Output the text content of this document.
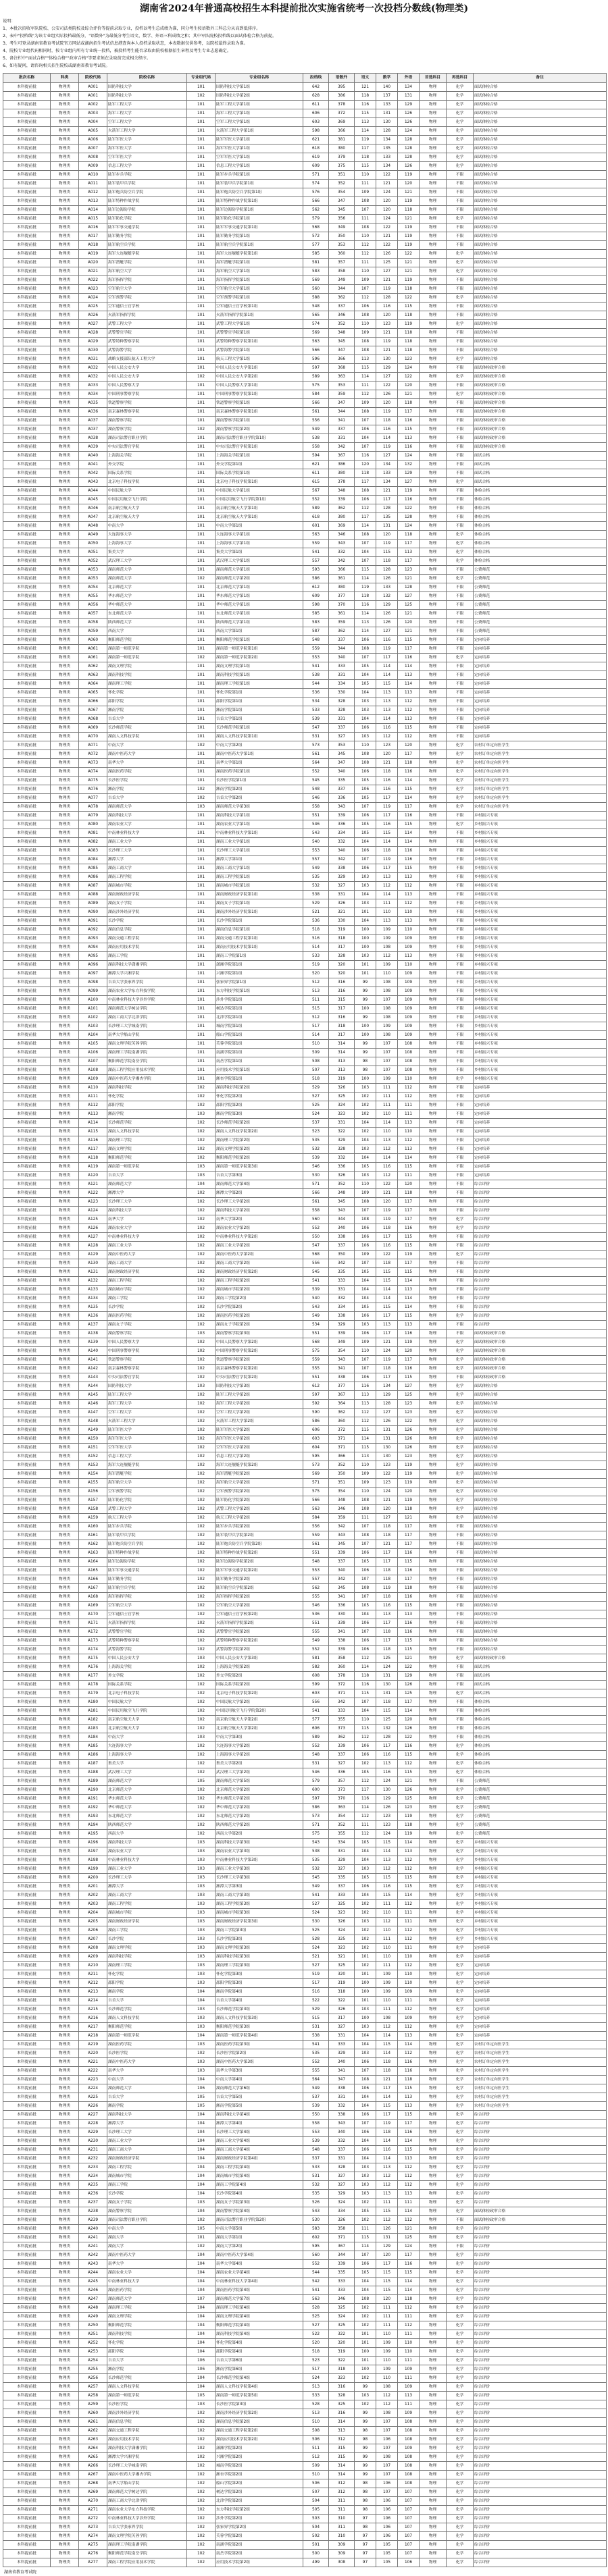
湖南省2024年普通高校招生本科提前批次实施省统考一次投档分数线(物理类)
说明：
1、本批次招收军队院校、公安司法类院校及综合评价等提前录取专业，投档以考生总成绩为准，同分考生按语数外三科总分从高到低排序。
2、表中"投档线"为该专业组实际投档最低分，"语数外"为最低分考生语文、数学、外语三科成绩之和；其中军队院校投档线以面试体检合格为前提。
3、考生可登录湖南省教育考试院官方网站或湖南招生考试信息港查询本人投档录取状态，本表数据仅供参考，以院校最终录取为准。
4、院校专业组代码相同时，按专业组内所有专业统一投档，被投档考生能否录取由院校根据招生章程及考生专业志愿确定。
5、备注栏中"面试合格""体检合格""政审合格"等要求须在录取前完成相关程序。
6、如有疑问，请咨询相关招生院校或湖南省教育考试院。
批次名称	科类	院校代码	院校名称	专业组代码	专业组名称	投档线	语数外	语文	数学	外语	首选科目	再选科目	备注
本科提前批	物理类	A001	国防科技大学	101	国防科技大学第1组	642	395	121	140	134	物理	化学	面试体检合格
本科提前批	物理类	A001	国防科技大学	102	国防科技大学第2组	628	386	118	137	131	物理	化学	面试体检合格
本科提前批	物理类	A002	陆军工程大学	101	陆军工程大学第1组	611	378	116	133	129	物理	化学	面试体检合格
本科提前批	物理类	A003	海军工程大学	101	海军工程大学第1组	606	372	115	131	126	物理	化学	面试体检合格
本科提前批	物理类	A004	空军工程大学	101	空军工程大学第1组	603	369	113	130	126	物理	化学	面试体检合格
本科提前批	物理类	A005	火箭军工程大学	101	火箭军工程大学第1组	598	366	114	128	124	物理	化学	面试体检合格
本科提前批	物理类	A006	陆军军医大学	101	陆军军医大学第1组	621	381	119	134	128	物理	化学	面试体检合格
本科提前批	物理类	A007	海军军医大学	101	海军军医大学第1组	618	380	117	135	128	物理	化学	面试体检合格
本科提前批	物理类	A008	空军军医大学	101	空军军医大学第1组	619	379	118	133	128	物理	化学	面试体检合格
本科提前批	物理类	A009	信息工程大学	101	信息工程大学第1组	609	375	115	134	126	物理	化学	面试体检合格
本科提前批	物理类	A010	陆军步兵学院	101	陆军步兵学院第1组	571	351	110	122	119	物理	不限	面试体检合格
本科提前批	物理类	A011	陆军装甲兵学院	101	陆军装甲兵学院第1组	574	352	111	121	120	物理	不限	面试体检合格
本科提前批	物理类	A012	陆军炮兵防空兵学院	101	陆军炮兵防空兵学院第1组	576	354	109	124	121	物理	不限	面试体检合格
本科提前批	物理类	A013	陆军特种作战学院	101	陆军特种作战学院第1组	566	347	108	120	119	物理	不限	面试体检合格
本科提前批	物理类	A014	陆军边海防学院	101	陆军边海防学院第1组	562	345	107	120	118	物理	不限	面试体检合格
本科提前批	物理类	A015	陆军防化学院	101	陆军防化学院第1组	579	356	111	124	121	物理	化学	面试体检合格
本科提前批	物理类	A016	陆军军事交通学院	101	陆军军事交通学院第1组	568	349	108	122	119	物理	不限	面试体检合格
本科提前批	物理类	A017	陆军勤务学院	101	陆军勤务学院第1组	572	350	110	121	119	物理	不限	面试体检合格
本科提前批	物理类	A018	陆军航空兵学院	101	陆军航空兵学院第1组	577	353	112	122	119	物理	不限	面试体检合格
本科提前批	物理类	A019	海军大连舰艇学院	101	海军大连舰艇学院第1组	585	360	112	126	122	物理	化学	面试体检合格
本科提前批	物理类	A020	海军潜艇学院	101	海军潜艇学院第1组	581	357	111	125	121	物理	化学	面试体检合格
本科提前批	物理类	A021	海军航空大学	101	海军航空大学第1组	583	358	110	127	121	物理	化学	面试体检合格
本科提前批	物理类	A022	海军指挥学院	101	海军指挥学院第1组	569	349	109	121	119	物理	不限	面试体检合格
本科提前批	物理类	A023	空军航空大学	101	空军航空大学第1组	560	344	107	119	118	物理	不限	面试体检合格
本科提前批	物理类	A024	空军预警学院	101	空军预警学院第1组	588	362	112	128	122	物理	化学	面试体检合格
本科提前批	物理类	A025	空军通信士官学校	101	空军通信士官学校第1组	548	337	106	116	115	物理	不限	面试体检合格
本科提前批	物理类	A026	火箭军指挥学院	101	火箭军指挥学院第1组	565	346	108	120	118	物理	不限	面试体检合格
本科提前批	物理类	A027	武警工程大学	101	武警工程大学第1组	574	352	110	123	119	物理	化学	面试体检合格
本科提前批	物理类	A028	武警警官学院	101	武警警官学院第1组	569	348	109	121	118	物理	不限	面试体检合格
本科提前批	物理类	A029	武警特种警察学院	101	武警特种警察学院第1组	563	345	108	119	118	物理	不限	面试体检合格
本科提前批	物理类	A030	武警海警学院	101	武警海警学院第1组	566	347	108	121	118	物理	不限	面试体检合格
本科提前批	物理类	A031	战略支援部队航天工程大学	101	航天工程大学第1组	596	366	113	130	123	物理	化学	面试体检合格
本科提前批	物理类	A032	中国人民公安大学	101	中国人民公安大学第1组	597	368	115	129	124	物理	不限	面试体检政审合格
本科提前批	物理类	A032	中国人民公安大学	102	中国人民公安大学第2组	589	363	114	127	122	物理	化学	面试体检政审合格
本科提前批	物理类	A033	中国人民警察大学	101	中国人民警察大学第1组	575	353	111	122	120	物理	不限	面试体检政审合格
本科提前批	物理类	A034	中国刑事警察学院	101	中国刑事警察学院第1组	584	359	112	126	121	物理	化学	面试体检政审合格
本科提前批	物理类	A035	铁道警察学院	101	铁道警察学院第1组	566	347	109	120	118	物理	不限	面试体检政审合格
本科提前批	物理类	A036	南京森林警察学院	101	南京森林警察学院第1组	561	344	108	119	117	物理	不限	面试体检政审合格
本科提前批	物理类	A037	湖南警察学院	101	湖南警察学院第1组	556	341	107	118	116	物理	不限	面试体检政审合格
本科提前批	物理类	A037	湖南警察学院	102	湖南警察学院第2组	549	337	106	116	115	物理	不限	面试体检政审合格
本科提前批	物理类	A038	湖南司法警官职业学院	101	湖南司法警官职业学院第1组	538	331	104	114	113	物理	不限	面试体检政审合格
本科提前批	物理类	A039	中央司法警官学院	101	中央司法警官学院第1组	558	342	107	119	116	物理	不限	面试体检政审合格
本科提前批	物理类	A040	上海海关学院	101	上海海关学院第1组	594	367	116	127	124	物理	不限	面试合格
本科提前批	物理类	A041	外交学院	101	外交学院第1组	621	386	120	134	132	物理	不限	面试合格
本科提前批	物理类	A042	国际关系学院	101	国际关系学院第1组	611	380	118	133	129	物理	不限	面试合格
本科提前批	物理类	A043	北京电子科技学院	101	北京电子科技学院第1组	615	378	117	134	127	物理	化学	面试合格
本科提前批	物理类	A044	中国民航大学	101	中国民航大学第1组	567	348	108	121	119	物理	不限	体检合格
本科提前批	物理类	A045	中国民用航空飞行学院	101	中国民用航空飞行学院第1组	552	339	106	117	116	物理	不限	体检合格
本科提前批	物理类	A046	南京航空航天大学	101	南京航空航天大学第1组	589	362	112	128	122	物理	不限	体检合格
本科提前批	物理类	A047	北京航空航天大学	101	北京航空航天大学第1组	618	380	117	135	128	物理	不限	体检合格
本科提前批	物理类	A048	中南大学	101	中南大学第1组	601	369	114	131	124	物理	不限	体检合格
本科提前批	物理类	A049	大连海事大学	101	大连海事大学第1组	563	346	108	120	118	物理	化学	体检合格
本科提前批	物理类	A050	上海海事大学	101	上海海事大学第1组	559	343	107	119	117	物理	化学	体检合格
本科提前批	物理类	A051	集美大学	101	集美大学第1组	541	332	104	115	113	物理	化学	体检合格
本科提前批	物理类	A052	武汉理工大学	101	武汉理工大学第1组	557	342	107	118	117	物理	化学	体检合格
本科提前批	物理类	A053	湖南师范大学	101	湖南师范大学第1组	593	366	115	128	123	物理	不限	公费师范
本科提前批	物理类	A053	湖南师范大学	102	湖南师范大学第2组	586	361	114	126	121	物理	化学	公费师范
本科提前批	物理类	A054	北京师范大学	101	北京师范大学第1组	612	380	119	133	128	物理	不限	公费师范
本科提前批	物理类	A055	华东师范大学	101	华东师范大学第1组	609	377	118	132	127	物理	不限	公费师范
本科提前批	物理类	A056	华中师范大学	101	华中师范大学第1组	598	370	116	129	125	物理	不限	公费师范
本科提前批	物理类	A057	东北师范大学	101	东北师范大学第1组	585	361	114	126	121	物理	不限	公费师范
本科提前批	物理类	A058	陕西师范大学	101	陕西师范大学第1组	583	359	113	126	120	物理	不限	公费师范
本科提前批	物理类	A059	西南大学	101	西南大学第1组	587	362	114	127	121	物理	不限	公费师范
本科提前批	物理类	A060	衡阳师范学院	101	衡阳师范学院第1组	548	337	106	116	115	物理	不限	定向培养
本科提前批	物理类	A061	湖南第一师范学院	101	湖南第一师范学院第1组	559	344	108	119	117	物理	不限	定向培养
本科提前批	物理类	A061	湖南第一师范学院	102	湖南第一师范学院第2组	553	340	107	117	116	物理	化学	定向培养
本科提前批	物理类	A062	湖南文理学院	101	湖南文理学院第1组	541	333	105	114	114	物理	不限	定向培养
本科提前批	物理类	A063	湖南科技学院	101	湖南科技学院第1组	538	331	104	114	113	物理	不限	定向培养
本科提前批	物理类	A064	湖南理工学院	101	湖南理工学院第1组	544	334	105	115	114	物理	不限	定向培养
本科提前批	物理类	A065	怀化学院	101	怀化学院第1组	536	330	104	113	113	物理	不限	定向培养
本科提前批	物理类	A066	邵阳学院	101	邵阳学院第1组	534	328	103	113	112	物理	不限	定向培养
本科提前批	物理类	A067	湘南学院	101	湘南学院第1组	533	328	103	113	112	物理	不限	定向培养
本科提前批	物理类	A068	吉首大学	101	吉首大学第1组	539	331	104	114	113	物理	不限	定向培养
本科提前批	物理类	A069	长沙师范学院	101	长沙师范学院第1组	547	337	106	116	115	物理	不限	定向培养
本科提前批	物理类	A070	湖南人文科技学院	101	湖南人文科技学院第1组	531	327	103	112	112	物理	不限	定向培养
本科提前批	物理类	A071	中南大学	102	中南大学第2组	573	353	110	123	120	物理	化学	农村订单定向医学生
本科提前批	物理类	A072	湖南中医药大学	101	湖南中医药大学第1组	561	345	108	120	117	物理	化学	农村订单定向医学生
本科提前批	物理类	A073	南华大学	101	南华大学第1组	564	347	108	121	118	物理	化学	农村订单定向医学生
本科提前批	物理类	A074	湖南医药学院	101	湖南医药学院第1组	552	340	106	118	116	物理	化学	农村订单定向医学生
本科提前批	物理类	A075	长沙医学院	101	长沙医学院第1组	545	335	105	116	114	物理	化学	农村订单定向医学生
本科提前批	物理类	A076	湘南学院	102	湘南学院第2组	548	337	106	116	115	物理	化学	农村订单定向医学生
本科提前批	物理类	A077	吉首大学	102	吉首大学第2组	546	336	105	117	114	物理	化学	农村订单定向医学生
本科提前批	物理类	A078	湖南师范大学	103	湖南师范大学第3组	558	343	107	119	117	物理	化学	农村订单定向医学生
本科提前批	物理类	A079	湖南科技大学	101	湖南科技大学第1组	551	339	106	117	116	物理	不限	乡村振兴专项
本科提前批	物理类	A080	湖南农业大学	101	湖南农业大学第1组	546	336	105	116	115	物理	化学	乡村振兴专项
本科提前批	物理类	A081	中南林业科技大学	101	中南林业科技大学第1组	543	334	105	115	114	物理	不限	乡村振兴专项
本科提前批	物理类	A082	湖南工业大学	101	湖南工业大学第1组	540	332	104	114	114	物理	不限	乡村振兴专项
本科提前批	物理类	A083	长沙理工大学	101	长沙理工大学第1组	553	340	106	118	116	物理	不限	乡村振兴专项
本科提前批	物理类	A084	湘潭大学	101	湘潭大学第1组	557	342	107	119	116	物理	不限	乡村振兴专项
本科提前批	物理类	A085	湖南工商大学	101	湖南工商大学第1组	549	338	106	117	115	物理	不限	乡村振兴专项
本科提前批	物理类	A086	湖南工程学院	101	湖南工程学院第1组	535	329	103	113	113	物理	不限	乡村振兴专项
本科提前批	物理类	A087	湖南城市学院	101	湖南城市学院第1组	532	327	103	112	112	物理	不限	乡村振兴专项
本科提前批	物理类	A088	湖南财政经济学院	101	湖南财政经济学院第1组	538	331	104	114	113	物理	不限	乡村振兴专项
本科提前批	物理类	A089	湖南女子学院	101	湖南女子学院第1组	529	326	103	111	112	物理	不限	乡村振兴专项
本科提前批	物理类	A090	湖南涉外经济学院	101	湖南涉外经济学院第1组	521	321	101	110	110	物理	不限	乡村振兴专项
本科提前批	物理类	A091	长沙学院	101	长沙学院第1组	536	330	104	113	113	物理	不限	乡村振兴专项
本科提前批	物理类	A092	湖南信息学院	101	湖南信息学院第1组	518	319	100	109	110	物理	不限	乡村振兴专项
本科提前批	物理类	A093	湖南交通工程学院	101	湖南交通工程学院第1组	516	318	100	109	109	物理	不限	乡村振兴专项
本科提前批	物理类	A094	湖南应用技术学院	101	湖南应用技术学院第1组	514	317	100	108	109	物理	不限	乡村振兴专项
本科提前批	物理类	A095	湖南工学院	101	湖南工学院第1组	533	328	103	112	113	物理	不限	乡村振兴专项
本科提前批	物理类	A096	湖南科技大学潇湘学院	101	潇湘学院第1组	519	320	101	109	110	物理	不限	乡村振兴专项
本科提前批	物理类	A097	湘潭大学兴湘学院	101	兴湘学院第1组	520	320	101	110	109	物理	不限	乡村振兴专项
本科提前批	物理类	A098	吉首大学张家界学院	101	张家界学院第1组	512	316	99	108	109	物理	不限	乡村振兴专项
本科提前批	物理类	A099	湖南农业大学东方科技学院	101	东方科技学院第1组	513	316	99	108	109	物理	不限	乡村振兴专项
本科提前批	物理类	A100	中南林业科技大学涉外学院	101	涉外学院第1组	511	315	99	107	109	物理	不限	乡村振兴专项
本科提前批	物理类	A101	湖南师范大学树达学院	101	树达学院第1组	515	317	100	108	109	物理	不限	乡村振兴专项
本科提前批	物理类	A102	湖南工商大学北津学院	101	北津学院第1组	512	316	99	108	109	物理	不限	乡村振兴专项
本科提前批	物理类	A103	长沙理工大学城南学院	101	城南学院第1组	517	318	100	109	109	物理	不限	乡村振兴专项
本科提前批	物理类	A104	南华大学船山学院	101	船山学院第1组	514	317	100	108	109	物理	不限	乡村振兴专项
本科提前批	物理类	A105	湖南文理学院芙蓉学院	101	芙蓉学院第1组	510	314	99	107	108	物理	不限	乡村振兴专项
本科提前批	物理类	A106	湖南理工学院南湖学院	101	南湖学院第1组	509	314	99	107	108	物理	不限	乡村振兴专项
本科提前批	物理类	A107	衡阳师范学院南岳学院	101	南岳学院第1组	508	313	98	107	108	物理	不限	乡村振兴专项
本科提前批	物理类	A108	湖南工程学院应用技术学院	101	应用技术学院第1组	507	313	98	107	108	物理	不限	乡村振兴专项
本科提前批	物理类	A109	湖南中医药大学湘杏学院	101	湘杏学院第1组	518	319	100	109	110	物理	化学	乡村振兴专项
本科提前批	物理类	A110	湖南科技学院	102	湖南科技学院第2组	529	326	103	111	112	物理	不限	定向培养
本科提前批	物理类	A111	怀化学院	102	怀化学院第2组	527	325	102	111	112	物理	不限	定向培养
本科提前批	物理类	A112	邵阳学院	102	邵阳学院第2组	525	324	102	111	111	物理	不限	定向培养
本科提前批	物理类	A113	湘南学院	103	湘南学院第3组	524	323	102	110	111	物理	不限	定向培养
本科提前批	物理类	A114	长沙师范学院	102	长沙师范学院第2组	537	331	104	114	113	物理	不限	定向培养
本科提前批	物理类	A115	湖南人文科技学院	102	湖南人文科技学院第2组	523	322	102	110	110	物理	不限	定向培养
本科提前批	物理类	A116	湖南理工学院	102	湖南理工学院第2组	535	329	104	113	112	物理	不限	定向培养
本科提前批	物理类	A117	湖南文理学院	102	湖南文理学院第2组	532	328	103	112	113	物理	不限	定向培养
本科提前批	物理类	A118	衡阳师范学院	102	衡阳师范学院第2组	539	332	104	114	114	物理	不限	定向培养
本科提前批	物理类	A119	湖南第一师范学院	103	湖南第一师范学院第3组	546	336	105	116	115	物理	不限	定向培养
本科提前批	物理类	A120	吉首大学	103	吉首大学第3组	530	326	103	112	111	物理	不限	定向培养
本科提前批	物理类	A121	湖南师范大学	104	湖南师范大学第4组	571	352	110	122	120	物理	不限	综合评价
本科提前批	物理类	A122	湘潭大学	102	湘潭大学第2组	566	348	109	121	118	物理	不限	综合评价
本科提前批	物理类	A123	长沙理工大学	102	长沙理工大学第2组	561	345	108	120	117	物理	不限	综合评价
本科提前批	物理类	A124	湖南科技大学	102	湖南科技大学第2组	558	343	107	119	117	物理	不限	综合评价
本科提前批	物理类	A125	南华大学	102	南华大学第2组	560	344	108	119	117	物理	化学	综合评价
本科提前批	物理类	A126	湖南农业大学	102	湖南农业大学第2组	552	340	106	118	116	物理	化学	综合评价
本科提前批	物理类	A127	中南林业科技大学	102	中南林业科技大学第2组	550	338	106	117	115	物理	不限	综合评价
本科提前批	物理类	A128	湖南工业大学	102	湖南工业大学第2组	547	337	106	116	115	物理	不限	综合评价
本科提前批	物理类	A129	湖南中医药大学	102	湖南中医药大学第2组	568	350	109	122	119	物理	化学	综合评价
本科提前批	物理类	A130	湖南工商大学	102	湖南工商大学第2组	556	342	107	118	117	物理	不限	综合评价
本科提前批	物理类	A131	湖南财政经济学院	102	湖南财政经济学院第2组	545	335	105	115	115	物理	不限	综合评价
本科提前批	物理类	A132	湖南工程学院	102	湖南工程学院第2组	541	333	104	115	114	物理	不限	综合评价
本科提前批	物理类	A133	湖南城市学院	102	湖南城市学院第2组	539	331	104	114	113	物理	不限	综合评价
本科提前批	物理类	A134	湖南工学院	102	湖南工学院第2组	540	332	104	114	114	物理	不限	综合评价
本科提前批	物理类	A135	长沙学院	102	长沙学院第2组	543	334	105	115	114	物理	不限	综合评价
本科提前批	物理类	A136	湖南医药学院	102	湖南医药学院第2组	549	338	106	117	115	物理	化学	综合评价
本科提前批	物理类	A137	湖南女子学院	102	湖南女子学院第2组	534	329	103	113	113	物理	不限	综合评价
本科提前批	物理类	A138	湖南警察学院	103	湖南警察学院第3组	551	339	106	117	116	物理	不限	面试体检政审合格
本科提前批	物理类	A139	中国人民警察大学	102	中国人民警察大学第2组	568	349	109	121	119	物理	化学	面试体检政审合格
本科提前批	物理类	A140	中国刑事警察学院	102	中国刑事警察学院第2组	575	354	110	124	120	物理	化学	面试体检政审合格
本科提前批	物理类	A141	铁道警察学院	102	铁道警察学院第2组	559	343	107	119	117	物理	化学	面试体检政审合格
本科提前批	物理类	A142	南京森林警察学院	102	南京森林警察学院第2组	555	341	107	118	116	物理	化学	面试体检政审合格
本科提前批	物理类	A143	中央司法警官学院	102	中央司法警官学院第2组	551	338	106	117	115	物理	不限	面试体检政审合格
本科提前批	物理类	A144	国防科技大学	103	国防科技大学第3组	612	377	116	134	127	物理	化学	面试体检合格
本科提前批	物理类	A145	陆军工程大学	102	陆军工程大学第2组	597	367	113	129	125	物理	化学	面试体检合格
本科提前批	物理类	A146	海军工程大学	102	海军工程大学第2组	592	364	113	128	123	物理	化学	面试体检合格
本科提前批	物理类	A147	空军工程大学	102	空军工程大学第2组	590	362	112	127	123	物理	化学	面试体检合格
本科提前批	物理类	A148	火箭军工程大学	102	火箭军工程大学第2组	586	360	112	126	122	物理	化学	面试体检合格
本科提前批	物理类	A149	陆军军医大学	102	陆军军医大学第2组	606	372	115	131	126	物理	化学	面试体检合格
本科提前批	物理类	A150	海军军医大学	102	海军军医大学第2组	603	371	114	131	126	物理	化学	面试体检合格
本科提前批	物理类	A151	空军军医大学	102	空军军医大学第2组	604	371	115	130	126	物理	化学	面试体检合格
本科提前批	物理类	A152	信息工程大学	102	信息工程大学第2组	595	366	113	130	123	物理	化学	面试体检合格
本科提前批	物理类	A153	海军大连舰艇学院	102	海军大连舰艇学院第2组	573	352	110	123	119	物理	化学	面试体检合格
本科提前批	物理类	A154	海军潜艇学院	102	海军潜艇学院第2组	569	350	109	122	119	物理	化学	面试体检合格
本科提前批	物理类	A155	海军航空大学	102	海军航空大学第2组	571	351	109	123	119	物理	化学	面试体检合格
本科提前批	物理类	A156	空军预警学院	102	空军预警学院第2组	575	354	110	124	120	物理	化学	面试体检合格
本科提前批	物理类	A157	陆军防化学院	102	陆军防化学院第2组	566	348	108	121	119	物理	化学	面试体检合格
本科提前批	物理类	A158	武警工程大学	102	武警工程大学第2组	563	346	108	120	118	物理	化学	面试体检合格
本科提前批	物理类	A159	航天工程大学	102	航天工程大学第2组	584	359	111	127	121	物理	化学	面试体检合格
本科提前批	物理类	A160	陆军步兵学院	102	陆军步兵学院第2组	556	342	107	118	117	物理	不限	面试体检合格
本科提前批	物理类	A161	陆军装甲兵学院	102	陆军装甲兵学院第2组	559	343	108	118	117	物理	不限	面试体检合格
本科提前批	物理类	A162	陆军炮兵防空兵学院	102	陆军炮兵防空兵学院第2组	561	345	107	121	117	物理	不限	面试体检合格
本科提前批	物理类	A163	陆军特种作战学院	102	陆军特种作战学院第2组	551	339	106	117	116	物理	不限	面试体检合格
本科提前批	物理类	A164	陆军边海防学院	102	陆军边海防学院第2组	548	337	105	117	115	物理	不限	面试体检合格
本科提前批	物理类	A165	陆军军事交通学院	102	陆军军事交通学院第2组	553	340	106	118	116	物理	不限	面试体检合格
本科提前批	物理类	A166	陆军勤务学院	102	陆军勤务学院第2组	557	342	107	118	117	物理	不限	面试体检合格
本科提前批	物理类	A167	陆军航空兵学院	102	陆军航空兵学院第2组	562	345	108	119	118	物理	不限	面试体检合格
本科提前批	物理类	A168	海军指挥学院	102	海军指挥学院第2组	555	341	107	118	116	物理	不限	面试体检合格
本科提前批	物理类	A169	空军航空大学	102	空军航空大学第2组	546	336	105	116	115	物理	不限	面试体检合格
本科提前批	物理类	A170	空军通信士官学校	102	空军通信士官学校第2组	536	330	104	113	113	物理	不限	面试体检合格
本科提前批	物理类	A171	火箭军指挥学院	102	火箭军指挥学院第2组	551	339	106	117	116	物理	不限	面试体检合格
本科提前批	物理类	A172	武警警官学院	102	武警警官学院第2组	555	341	107	118	116	物理	不限	面试体检合格
本科提前批	物理类	A173	武警特种警察学院	102	武警特种警察学院第2组	549	338	106	117	115	物理	不限	面试体检合格
本科提前批	物理类	A174	武警海警学院	102	武警海警学院第2组	552	339	106	118	115	物理	不限	面试体检合格
本科提前批	物理类	A175	中国人民公安大学	103	中国人民公安大学第3组	581	358	112	125	121	物理	化学	面试体检政审合格
本科提前批	物理类	A176	上海海关学院	102	上海海关学院第2组	582	360	114	124	122	物理	不限	面试合格
本科提前批	物理类	A177	外交学院	102	外交学院第2组	608	378	118	131	129	物理	不限	面试合格
本科提前批	物理类	A178	国际关系学院	102	国际关系学院第2组	599	372	116	130	126	物理	不限	面试合格
本科提前批	物理类	A179	北京电子科技学院	102	北京电子科技学院第2组	603	371	115	131	125	物理	化学	面试合格
本科提前批	物理类	A180	中国民航大学	102	中国民航大学第2组	556	342	107	118	117	物理	不限	体检合格
本科提前批	物理类	A181	中国民用航空飞行学院	102	中国民用航空飞行学院第2组	541	333	104	115	114	物理	不限	体检合格
本科提前批	物理类	A182	南京航空航天大学	102	南京航空航天大学第2组	577	355	110	125	120	物理	不限	体检合格
本科提前批	物理类	A183	北京航空航天大学	102	北京航空航天大学第2组	606	373	115	132	126	物理	不限	体检合格
本科提前批	物理类	A184	中南大学	103	中南大学第3组	589	362	112	128	122	物理	不限	体检合格
本科提前批	物理类	A185	大连海事大学	102	大连海事大学第2组	552	339	106	117	116	物理	化学	体检合格
本科提前批	物理类	A186	上海海事大学	102	上海海事大学第2组	548	337	106	116	115	物理	化学	体检合格
本科提前批	物理类	A187	集美大学	102	集美大学第2组	531	327	102	113	112	物理	化学	体检合格
本科提前批	物理类	A188	武汉理工大学	102	武汉理工大学第2组	546	336	105	116	115	物理	化学	体检合格
本科提前批	物理类	A189	湖南师范大学	105	湖南师范大学第5组	579	357	112	124	121	物理	不限	公费师范
本科提前批	物理类	A190	北京师范大学	102	北京师范大学第2组	600	373	117	130	126	物理	化学	公费师范
本科提前批	物理类	A191	华东师范大学	102	华东师范大学第2组	597	370	116	129	125	物理	化学	公费师范
本科提前批	物理类	A192	华中师范大学	102	华中师范大学第2组	586	363	114	126	123	物理	化学	公费师范
本科提前批	物理类	A193	东北师范大学	102	东北师范大学第2组	573	354	112	123	119	物理	化学	公费师范
本科提前批	物理类	A194	陕西师范大学	102	陕西师范大学第2组	571	352	111	123	118	物理	化学	公费师范
本科提前批	物理类	A195	西南大学	102	西南大学第2组	575	355	112	124	119	物理	化学	公费师范
本科提前批	物理类	A196	湖南科技大学	103	湖南科技大学第3组	543	334	105	115	114	物理	化学	乡村振兴专项
本科提前批	物理类	A197	湖南农业大学	103	湖南农业大学第3组	538	331	104	114	113	物理	化学	乡村振兴专项
本科提前批	物理类	A198	中南林业科技大学	103	中南林业科技大学第3组	535	329	104	113	112	物理	化学	乡村振兴专项
本科提前批	物理类	A199	湖南工业大学	103	湖南工业大学第3组	532	327	103	112	112	物理	化学	乡村振兴专项
本科提前批	物理类	A200	长沙理工大学	103	长沙理工大学第3组	545	335	105	115	115	物理	化学	乡村振兴专项
本科提前批	物理类	A201	湘潭大学	103	湘潭大学第3组	549	337	106	116	115	物理	化学	乡村振兴专项
本科提前批	物理类	A202	湖南工商大学	103	湖南工商大学第3组	541	333	104	115	114	物理	化学	乡村振兴专项
本科提前批	物理类	A203	湖南工程学院	103	湖南工程学院第3组	527	325	102	111	112	物理	化学	乡村振兴专项
本科提前批	物理类	A204	湖南城市学院	103	湖南城市学院第3组	524	323	102	110	111	物理	化学	乡村振兴专项
本科提前批	物理类	A205	湖南财政经济学院	103	湖南财政经济学院第3组	530	326	103	112	111	物理	化学	乡村振兴专项
本科提前批	物理类	A206	湖南工学院	103	湖南工学院第3组	525	324	102	110	112	物理	化学	乡村振兴专项
本科提前批	物理类	A207	长沙学院	103	长沙学院第3组	528	325	102	111	112	物理	化学	乡村振兴专项
本科提前批	物理类	A208	湖南文理学院	103	湖南文理学院第3组	524	323	102	110	111	物理	化学	定向培养
本科提前批	物理类	A209	湖南科技学院	103	湖南科技学院第3组	521	321	101	110	110	物理	化学	定向培养
本科提前批	物理类	A210	湖南理工学院	103	湖南理工学院第3组	527	325	102	111	112	物理	化学	定向培养
本科提前批	物理类	A211	怀化学院	103	怀化学院第3组	519	320	101	109	110	物理	化学	定向培养
本科提前批	物理类	A212	邵阳学院	103	邵阳学院第3组	517	319	100	109	110	物理	化学	定向培养
本科提前批	物理类	A213	湘南学院	104	湘南学院第4组	516	318	100	109	109	物理	化学	定向培养
本科提前批	物理类	A214	吉首大学	104	吉首大学第4组	522	322	101	110	111	物理	化学	定向培养
本科提前批	物理类	A215	长沙师范学院	103	长沙师范学院第3组	529	326	103	111	112	物理	化学	定向培养
本科提前批	物理类	A216	湖南人文科技学院	103	湖南人文科技学院第3组	515	317	100	108	109	物理	化学	定向培养
本科提前批	物理类	A217	衡阳师范学院	103	衡阳师范学院第3组	531	327	103	112	112	物理	化学	定向培养
本科提前批	物理类	A218	湖南第一师范学院	104	湖南第一师范学院第4组	538	331	104	114	113	物理	化学	定向培养
本科提前批	物理类	A219	湖南医药学院	103	湖南医药学院第3组	541	333	104	115	114	物理	化学	农村订单定向医学生
本科提前批	物理类	A220	长沙医学院	102	长沙医学院第2组	535	329	103	114	112	物理	化学	农村订单定向医学生
本科提前批	物理类	A221	湖南中医药大学	103	湖南中医药大学第3组	552	340	106	118	116	物理	化学	农村订单定向医学生
本科提前批	物理类	A222	南华大学	103	南华大学第3组	555	341	107	118	116	物理	化学	农村订单定向医学生
本科提前批	物理类	A223	中南大学	104	中南大学第4组	564	347	108	121	118	物理	化学	农村订单定向医学生
本科提前批	物理类	A224	湖南师范大学	106	湖南师范大学第6组	549	338	106	117	115	物理	化学	农村订单定向医学生
本科提前批	物理类	A225	吉首大学	105	吉首大学第5组	537	331	104	114	113	物理	化学	农村订单定向医学生
本科提前批	物理类	A226	湘南学院	105	湘南学院第5组	539	332	104	115	113	物理	化学	农村订单定向医学生
本科提前批	物理类	A227	湖南科技大学	104	湖南科技大学第4组	550	338	106	117	115	物理	化学	综合评价
本科提前批	物理类	A228	湘潭大学	104	湘潭大学第4组	558	343	107	119	117	物理	化学	综合评价
本科提前批	物理类	A229	长沙理工大学	104	长沙理工大学第4组	553	340	106	118	116	物理	化学	综合评价
本科提前批	物理类	A230	湖南工业大学	104	湖南工业大学第4组	539	332	104	114	114	物理	化学	综合评价
本科提前批	物理类	A231	湖南工商大学	104	湖南工商大学第4组	548	337	106	116	115	物理	化学	综合评价
本科提前批	物理类	A232	湖南财政经济学院	104	湖南财政经济学院第4组	537	331	104	114	113	物理	化学	综合评价
本科提前批	物理类	A233	湖南工程学院	104	湖南工程学院第4组	533	328	103	113	112	物理	化学	综合评价
本科提前批	物理类	A234	湖南城市学院	104	湖南城市学院第4组	531	327	103	112	112	物理	化学	综合评价
本科提前批	物理类	A235	湖南工学院	104	湖南工学院第4组	532	327	103	112	112	物理	化学	综合评价
本科提前批	物理类	A236	长沙学院	104	长沙学院第4组	535	329	103	113	113	物理	化学	综合评价
本科提前批	物理类	A237	湖南女子学院	103	湖南女子学院第3组	526	324	102	111	111	物理	化学	综合评价
本科提前批	物理类	A238	湖南警察学院	104	湖南警察学院第4组	543	334	105	115	114	物理	化学	面试体检政审合格
本科提前批	物理类	A239	湖南司法警官职业学院	102	湖南司法警官职业学院第2组	530	326	102	112	112	物理	不限	面试体检政审合格
本科提前批	物理类	A240	中南大学	105	中南大学第5组	583	358	111	126	121	物理	化学	综合评价
本科提前批	物理类	A241	湖南大学	101	湖南大学第1组	602	371	115	131	125	物理	化学	综合评价
本科提前批	物理类	A241	湖南大学	102	湖南大学第2组	595	367	114	129	124	物理	不限	综合评价
本科提前批	物理类	A242	湖南中医药大学	104	湖南中医药大学第4组	560	344	107	120	117	物理	化学	综合评价
本科提前批	物理类	A243	南华大学	104	南华大学第4组	552	339	106	117	116	物理	化学	综合评价
本科提前批	物理类	A244	湖南农业大学	104	湖南农业大学第4组	544	335	105	115	115	物理	化学	综合评价
本科提前批	物理类	A245	中南林业科技大学	104	中南林业科技大学第4组	542	333	104	115	114	物理	化学	综合评价
本科提前批	物理类	A246	湖南医药学院	104	湖南医药学院第4组	541	333	104	115	114	物理	化学	综合评价
本科提前批	物理类	A247	湖南师范大学	107	湖南师范大学第7组	563	346	108	120	118	物理	化学	综合评价
本科提前批	物理类	A248	湖南理工学院	104	湖南理工学院第4组	528	325	102	111	112	物理	化学	综合评价
本科提前批	物理类	A249	湖南文理学院	104	湖南文理学院第4组	525	324	102	111	111	物理	化学	综合评价
本科提前批	物理类	A250	衡阳师范学院	104	衡阳师范学院第4组	527	325	102	111	112	物理	化学	综合评价
本科提前批	物理类	A251	湖南科技学院	104	湖南科技学院第4组	522	322	101	110	111	物理	化学	综合评价
本科提前批	物理类	A252	怀化学院	104	怀化学院第4组	520	320	101	109	110	物理	化学	综合评价
本科提前批	物理类	A253	邵阳学院	104	邵阳学院第4组	518	319	100	109	110	物理	化学	综合评价
本科提前批	物理类	A254	吉首大学	106	吉首大学第6组	523	322	101	110	111	物理	化学	综合评价
本科提前批	物理类	A255	湘南学院	106	湘南学院第6组	517	318	100	109	109	物理	化学	综合评价
本科提前批	物理类	A256	长沙师范学院	104	长沙师范学院第4组	524	323	102	110	111	物理	化学	综合评价
本科提前批	物理类	A257	湖南人文科技学院	104	湖南人文科技学院第4组	513	316	99	108	109	物理	化学	综合评价
本科提前批	物理类	A258	湖南第一师范学院	105	湖南第一师范学院第5组	533	328	103	112	113	物理	化学	综合评价
本科提前批	物理类	A259	长沙医学院	103	长沙医学院第3组	528	325	102	112	111	物理	化学	综合评价
本科提前批	物理类	A260	湖南涉外经济学院	102	湖南涉外经济学院第2组	513	316	99	108	109	物理	化学	综合评价
本科提前批	物理类	A261	湖南信息学院	102	湖南信息学院第2组	510	314	99	107	108	物理	化学	综合评价
本科提前批	物理类	A262	湖南交通工程学院	102	湖南交通工程学院第2组	508	313	98	107	108	物理	化学	综合评价
本科提前批	物理类	A263	湖南应用技术学院	102	湖南应用技术学院第2组	506	312	98	106	108	物理	化学	综合评价
本科提前批	物理类	A264	湖南科技大学潇湘学院	102	潇湘学院第2组	511	315	99	107	109	物理	化学	综合评价
本科提前批	物理类	A265	湘潭大学兴湘学院	102	兴湘学院第2组	512	315	99	108	108	物理	化学	综合评价
本科提前批	物理类	A266	长沙理工大学城南学院	102	城南学院第2组	509	314	99	107	108	物理	化学	综合评价
本科提前批	物理类	A267	湖南中医药大学湘杏学院	102	湘杏学院第2组	510	314	99	107	108	物理	化学	综合评价
本科提前批	物理类	A268	南华大学船山学院	102	船山学院第2组	506	312	98	106	108	物理	化学	综合评价
本科提前批	物理类	A269	湖南师范大学树达学院	102	树达学院第2组	507	312	98	107	107	物理	化学	综合评价
本科提前批	物理类	A270	湖南工商大学北津学院	102	北津学院第2组	504	311	98	106	107	物理	化学	综合评价
本科提前批	物理类	A271	湖南农业大学东方科技学院	102	东方科技学院第2组	505	311	98	106	107	物理	化学	综合评价
本科提前批	物理类	A272	中南林业科技大学涉外学院	102	涉外学院第2组	503	310	97	106	107	物理	化学	综合评价
本科提前批	物理类	A273	吉首大学张家界学院	102	张家界学院第2组	504	311	98	106	107	物理	化学	综合评价
本科提前批	物理类	A274	湖南文理学院芙蓉学院	102	芙蓉学院第2组	502	310	97	106	107	物理	化学	综合评价
本科提前批	物理类	A275	湖南理工学院南湖学院	102	南湖学院第2组	501	309	97	105	107	物理	化学	综合评价
本科提前批	物理类	A276	衡阳师范学院南岳学院	102	南岳学院第2组	500	309	97	105	107	物理	化学	综合评价
本科提前批	物理类	A277	湖南工程学院应用技术学院	102	应用技术学院第2组	499	308	97	105	106	物理	化学	综合评价
湖南省教育考试院
